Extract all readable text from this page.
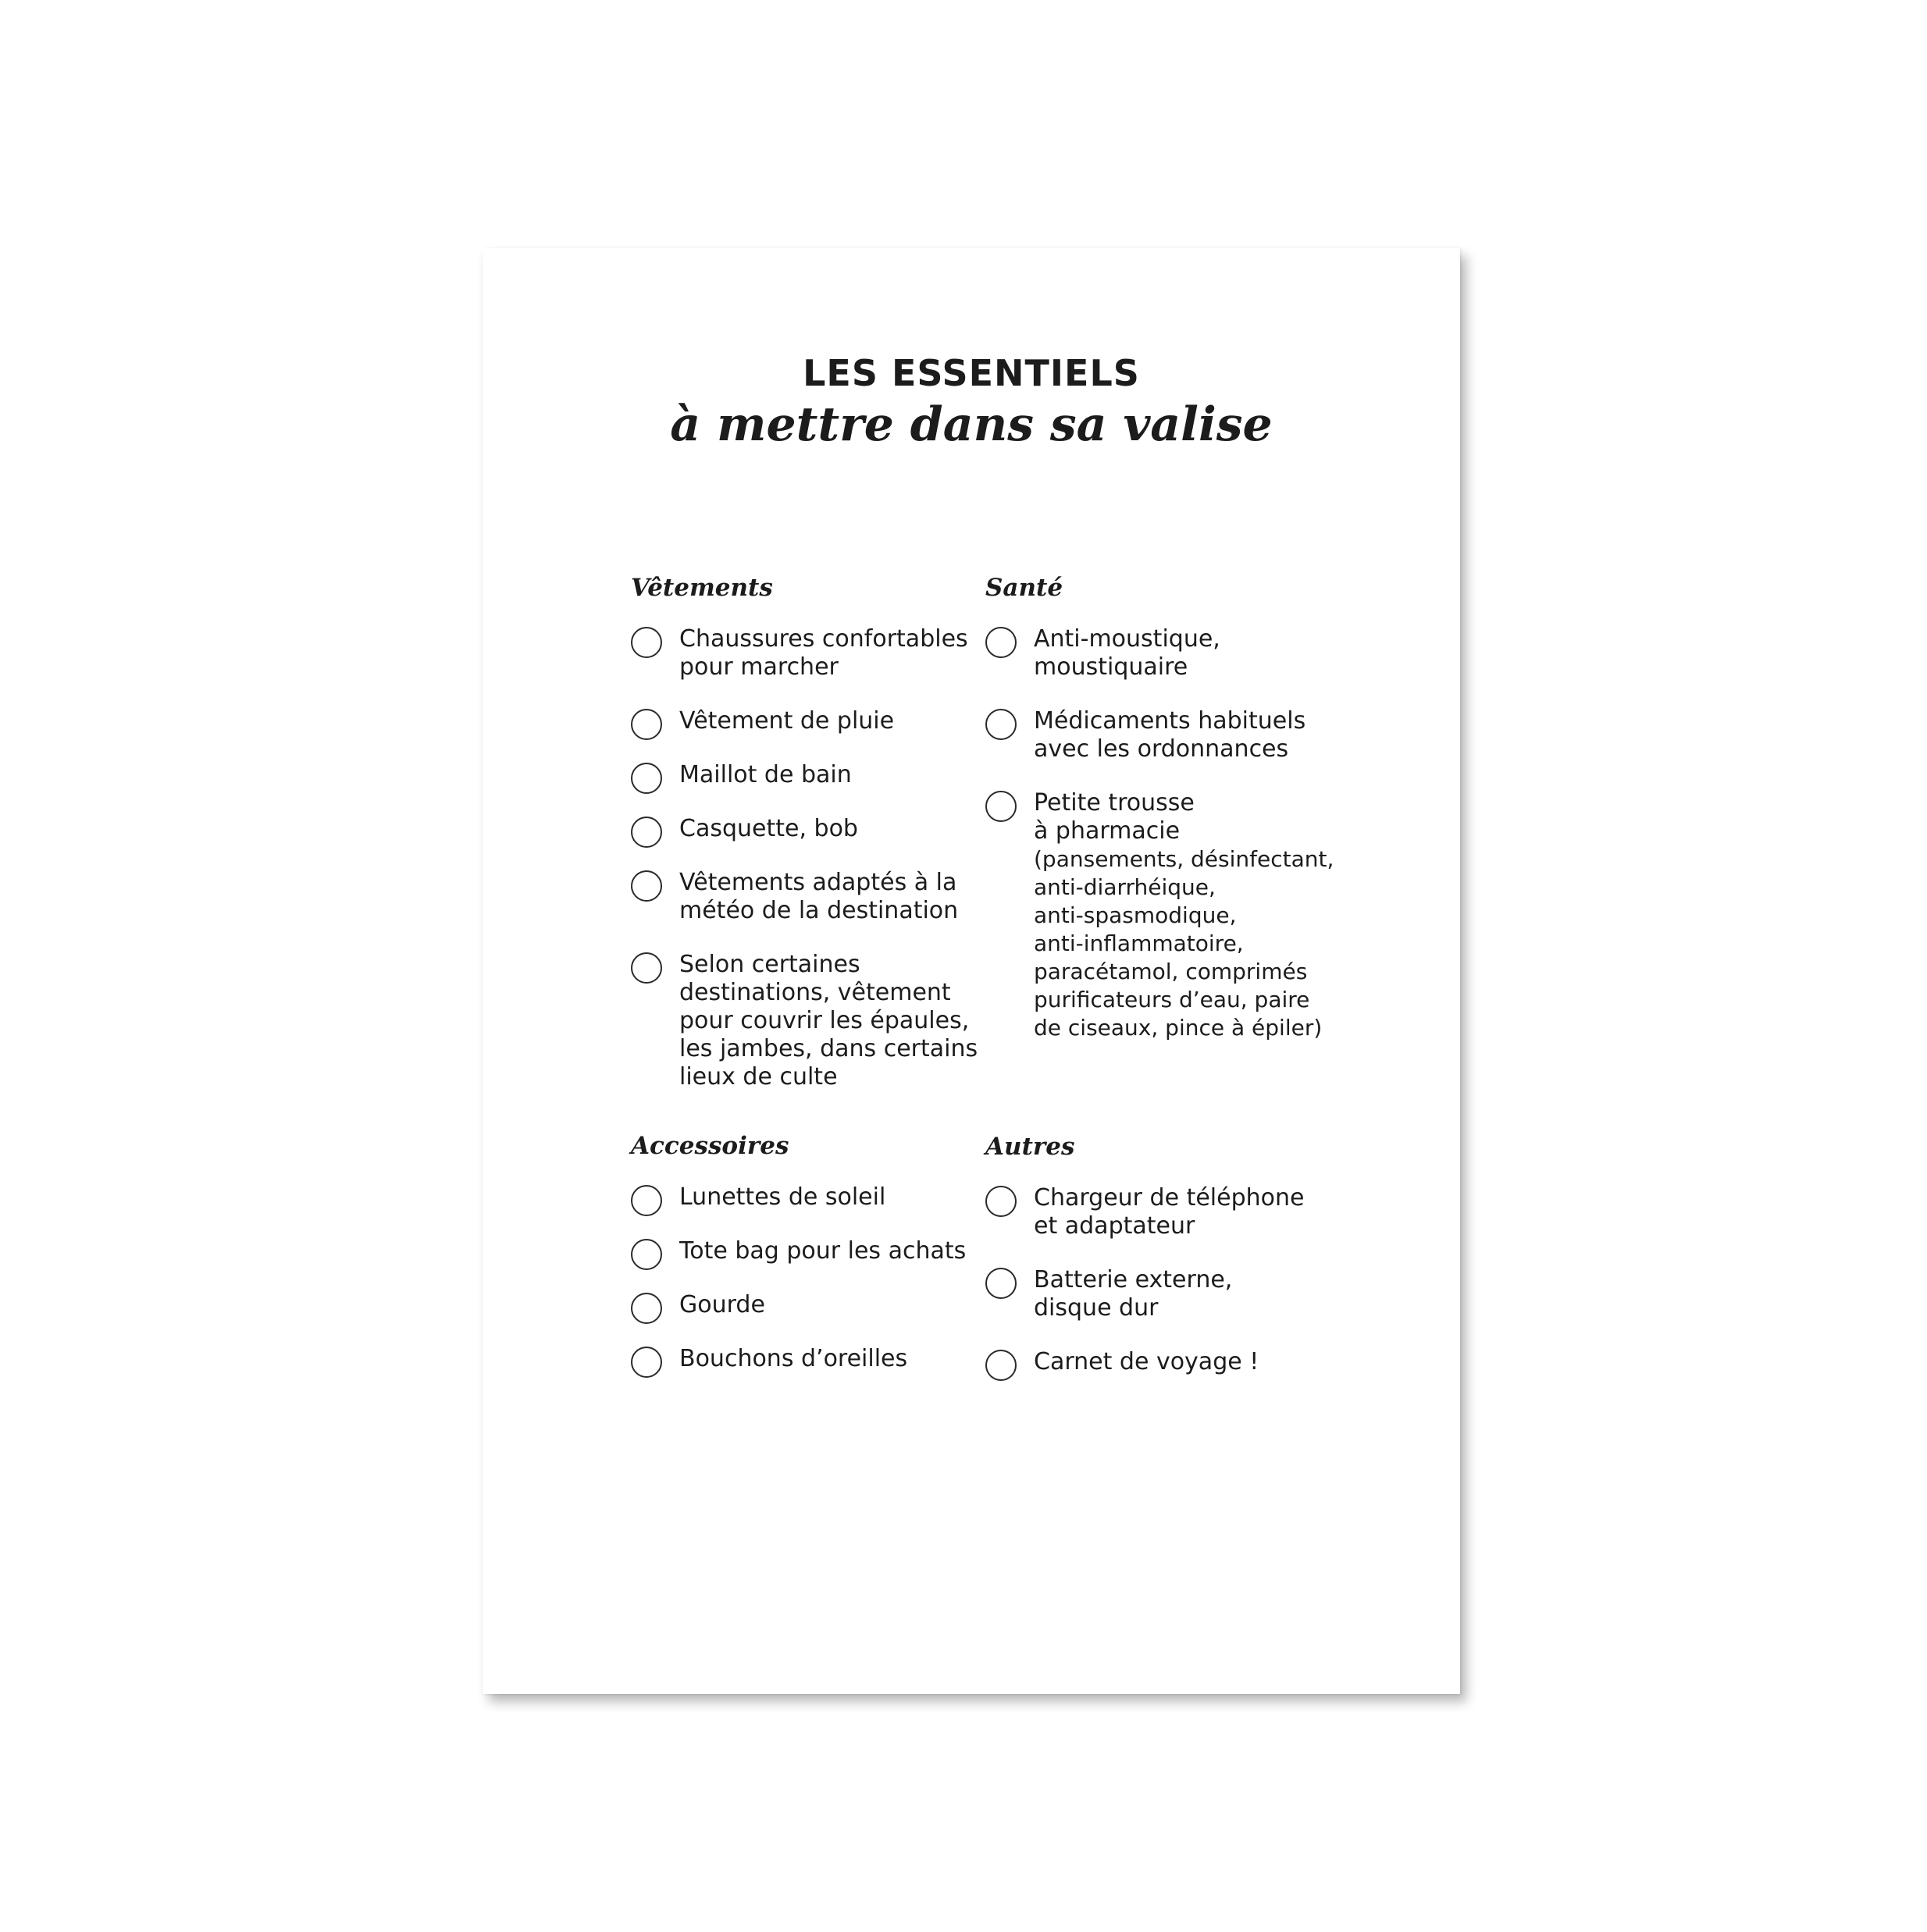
LES ESSENTIELS
à mettre dans sa valise
Vêtements
Chaussures confortables
pour marcher
Vêtement de pluie
Maillot de bain
Casquette, bob
Vêtements adaptés à la
météo de la destination
Selon certaines
destinations, vêtement
pour couvrir les épaules,
les jambes, dans certains
lieux de culte
Santé
Anti-moustique,
moustiquaire
Médicaments habituels
avec les ordonnances
Petite trousse
à pharmacie
(pansements, désinfectant,
anti-diarrhéique,
anti-spasmodique,
anti-inflammatoire,
paracétamol, comprimés
purificateurs d’eau, paire
de ciseaux, pince à épiler)
Accessoires
Lunettes de soleil
Tote bag pour les achats
Gourde
Bouchons d’oreilles
Autres
Chargeur de téléphone
et adaptateur
Batterie externe,
disque dur
Carnet de voyage !
